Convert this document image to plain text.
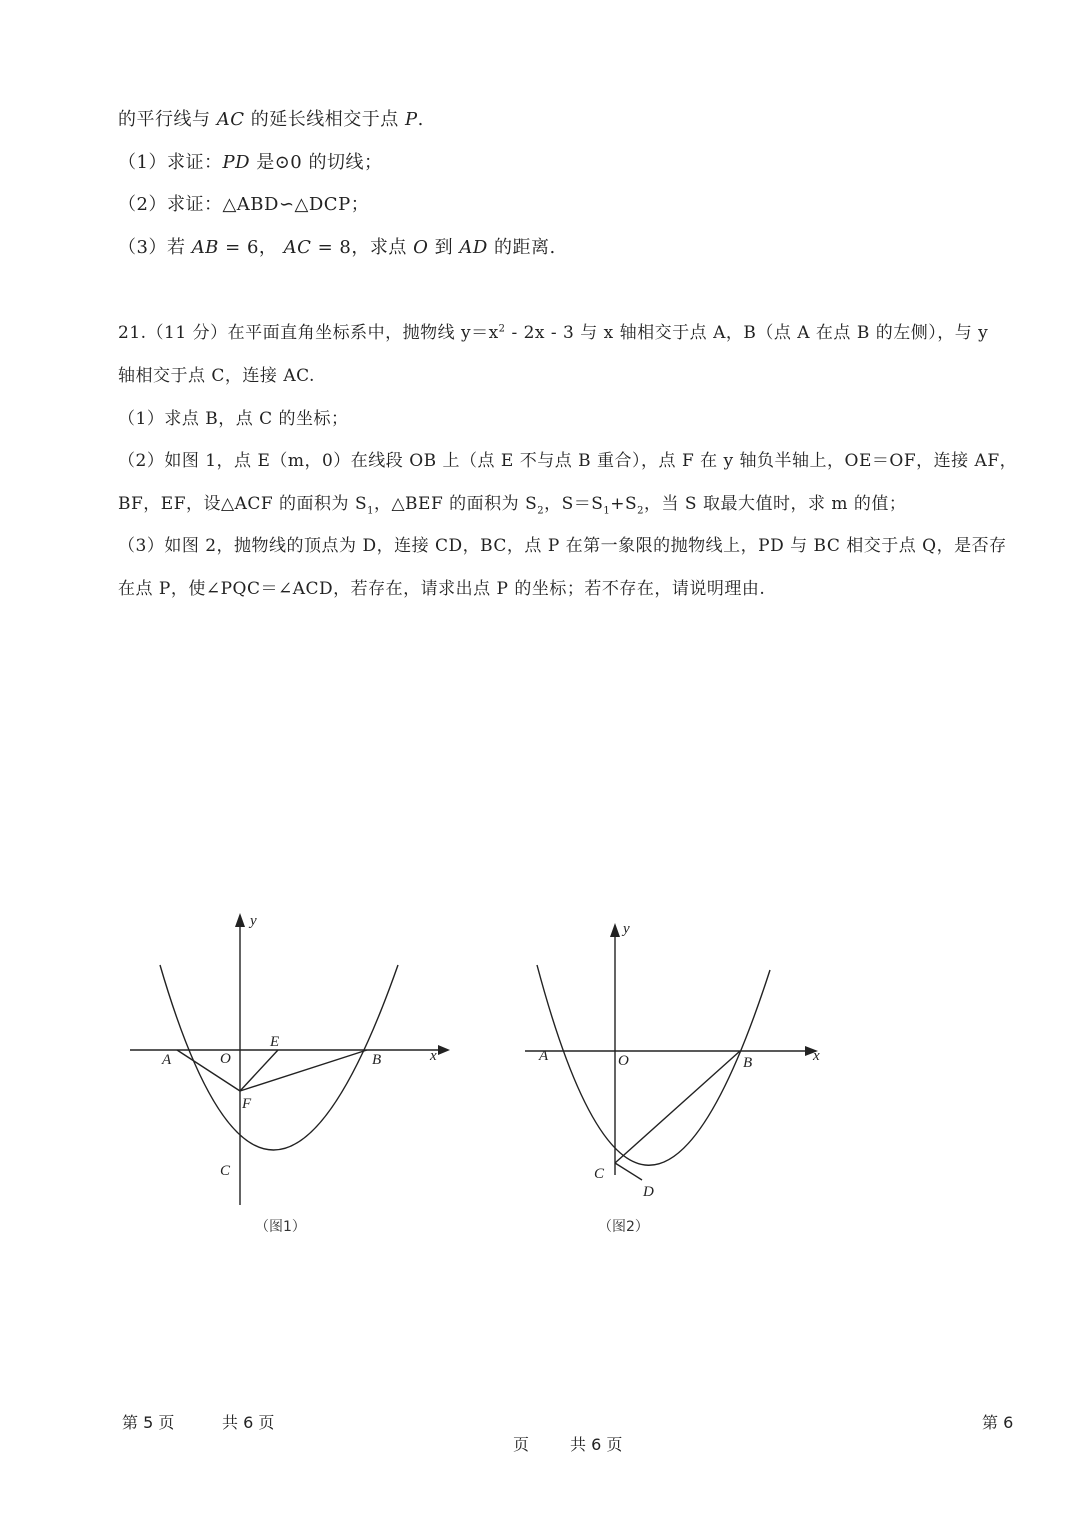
的平行线与 AC 的延长线相交于点 P.
（1）求证：PD 是⊙0 的切线；
（2）求证：△ABD∽△DCP；
（3）若 AB = 6， AC = 8，求点 O 到 AD 的距离.
21.（11 分）在平面直角坐标系中，抛物线 $y=x^2 - 2x - 3$ 与 x 轴相交于点 A，B（点 A 在点 B 的左侧），与 y
轴相交于点 C，连接 AC.
（1）求点 B，点 C 的坐标；
（2）如图 1，点 E（m，0）在线段 OB 上（点 E 不与点 B 重合），点 F 在 y 轴负半轴上，OE＝OF，连接 AF，
BF，EF，设△ACF 的面积为 $S_1$，△BEF 的面积为 $S_2$，$S=S_1+S_2$，当 S 取最大值时，求 m 的值；
（3）如图 2，抛物线的顶点为 D，连接 CD，BC，点 P 在第一象限的抛物线上，PD 与 BC 相交于点 Q，是否存
在点 P，使∠PQC＝∠ACD，若存在，请求出点 P 的坐标；若不存在，请说明理由.
y
x
A	O
E
B
F
C
（图1）
y
x
A	O	B
C
D
（图2）
第 5 页	共 6 页	第 6
页	共 6 页
